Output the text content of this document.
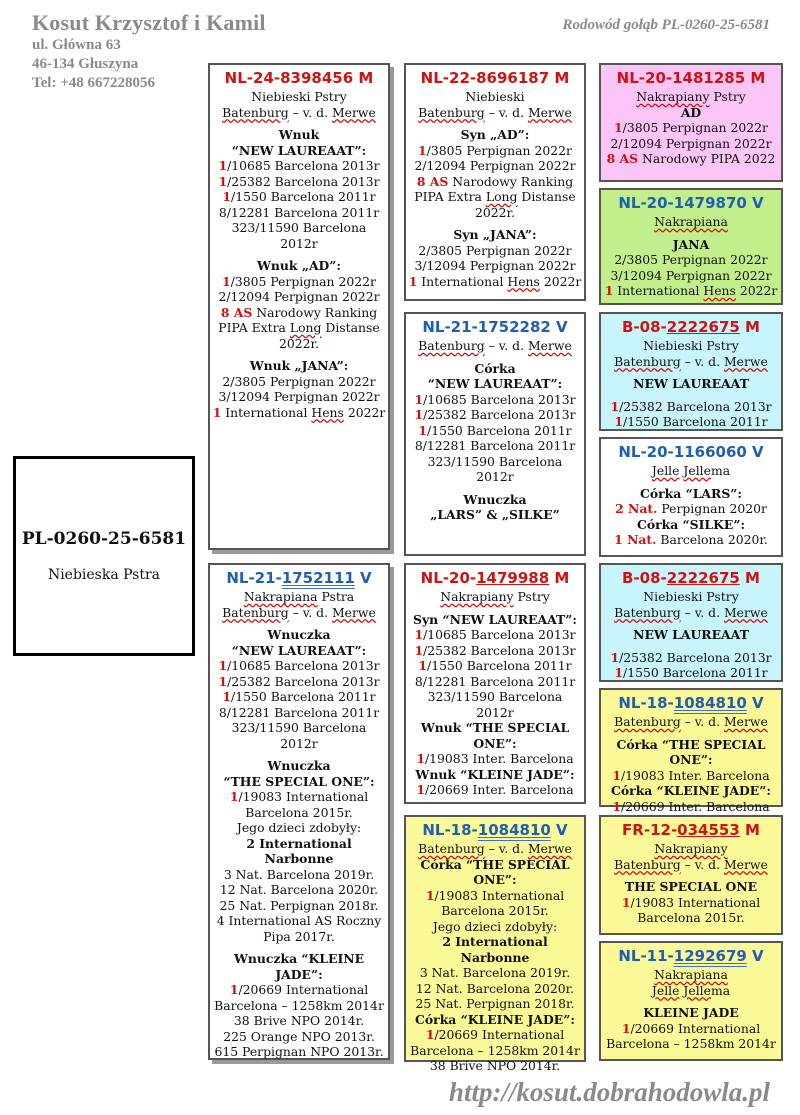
Kosut Krzysztof i Kamil
ul. Główna 63
46-134 Głuszyna
Tel: +48 667228056
Rodowód gołąb PL-0260-25-6581
PL-0260-25-6581
Niebieska Pstra
NL-24-8398456 M
Niebieski Pstry
Batenburg – v. d. Merwe
Wnuk
“NEW LAUREAAT”:
1/10685 Barcelona 2013r
1/25382 Barcelona 2013r
1/1550 Barcelona 2011r
8/12281 Barcelona 2011r
323/11590 Barcelona
2012r
Wnuk „AD”:
1/3805 Perpignan 2022r
2/12094 Perpignan 2022r
8 AS Narodowy Ranking
PIPA Extra Long Distanse
2022r.
Wnuk „JANA”:
2/3805 Perpignan 2022r
3/12094 Perpignan 2022r
1 International Hens 2022r
NL-21-1752111 V
Nakrapiana Pstra
Batenburg – v. d. Merwe
Wnuczka
“NEW LAUREAAT”:
1/10685 Barcelona 2013r
1/25382 Barcelona 2013r
1/1550 Barcelona 2011r
8/12281 Barcelona 2011r
323/11590 Barcelona
2012r
Wnuczka
“THE SPECIAL ONE”:
1/19083 International
Barcelona 2015r.
Jego dzieci zdobyły:
2 International Narbonne
3 Nat. Barcelona 2019r.
12 Nat. Barcelona 2020r.
25 Nat. Perpignan 2018r.
4 International AS Roczny
Pipa 2017r.
Wnuczka “KLEINE JADE”:
1/20669 International
Barcelona – 1258km 2014r
38 Brive NPO 2014r.
225 Orange NPO 2013r.
615 Perpignan NPO 2013r.
NL-22-8696187 M
Niebieski
Batenburg – v. d. Merwe
Syn „AD”:
1/3805 Perpignan 2022r
2/12094 Perpignan 2022r
8 AS Narodowy Ranking
PIPA Extra Long Distanse
2022r.
Syn „JANA”:
2/3805 Perpignan 2022r
3/12094 Perpignan 2022r
1 International Hens 2022r
NL-21-1752282 V
Batenburg – v. d. Merwe
Córka
“NEW LAUREAAT”:
1/10685 Barcelona 2013r
1/25382 Barcelona 2013r
1/1550 Barcelona 2011r
8/12281 Barcelona 2011r
323/11590 Barcelona
2012r
Wnuczka
„LARS” & „SILKE”
NL-20-1479988 M
Nakrapiany Pstry
Syn “NEW LAUREAAT”:
1/10685 Barcelona 2013r
1/25382 Barcelona 2013r
1/1550 Barcelona 2011r
8/12281 Barcelona 2011r
323/11590 Barcelona
2012r
Wnuk “THE SPECIAL ONE”:
1/19083 Inter. Barcelona
Wnuk “KLEINE JADE”:
1/20669 Inter. Barcelona
NL-18-1084810 V
Batenburg – v. d. Merwe
Córka “THE SPECIAL ONE”:
1/19083 International
Barcelona 2015r.
Jego dzieci zdobyły:
2 International Narbonne
3 Nat. Barcelona 2019r.
12 Nat. Barcelona 2020r.
25 Nat. Perpignan 2018r.
Córka “KLEINE JADE”:
1/20669 International
Barcelona – 1258km 2014r
38 Brive NPO 2014r.
NL-20-1481285 M
Nakrapiany Pstry
AD
1/3805 Perpignan 2022r
2/12094 Perpignan 2022r
8 AS Narodowy PIPA 2022
NL-20-1479870 V
Nakrapiana
JANA
2/3805 Perpignan 2022r
3/12094 Perpignan 2022r
1 International Hens 2022r
B-08-2222675 M
Niebieski Pstry
Batenburg – v. d. Merwe
NEW LAUREAAT
1/25382 Barcelona 2013r
1/1550 Barcelona 2011r
NL-20-1166060 V
Jelle Jellema
Córka “LARS”:
2 Nat. Perpignan 2020r
Córka “SILKE”:
1 Nat. Barcelona 2020r.
B-08-2222675 M
Niebieski Pstry
Batenburg – v. d. Merwe
NEW LAUREAAT
1/25382 Barcelona 2013r
1/1550 Barcelona 2011r
NL-18-1084810 V
Batenburg – v. d. Merwe
Córka “THE SPECIAL ONE”:
1/19083 Inter. Barcelona
Córka “KLEINE JADE”:
1/20669 Inter. Barcelona
FR-12-034553 M
Nakrapiany
Batenburg – v. d. Merwe
THE SPECIAL ONE
1/19083 International
Barcelona 2015r.
NL-11-1292679 V
Nakrapiana
Jelle Jellema
KLEINE JADE
1/20669 International
Barcelona – 1258km 2014r
http://kosut.dobrahodowla.pl
